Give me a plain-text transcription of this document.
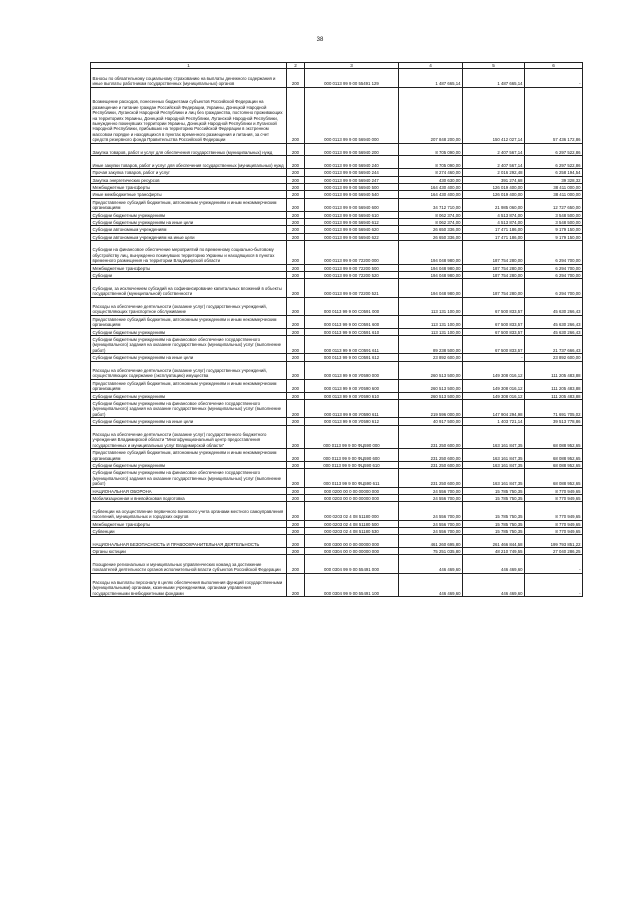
38
1	2	3	4	5	6
Взносы по обязательному социальному страхованию на выплаты денежного содержания и иные выплаты работникам государственных (муниципальных) органов	200	000 0113 99 9 00 55491 129	1 487 665,14	1 487 665,14	-
Возмещение расходов, понесенных бюджетами субъектов Российской Федерации на размещение и питание граждан Российской Федерации, Украины, Донецкой Народной Республики, Луганской Народной Республики и лиц без гражданства, постоянно проживающих на территориях Украины, Донецкой Народной Республики, Луганской Народной Республики, вынужденно покинувших территории Украины, Донецкой Народной Республики и Луганской Народной Республики, прибывших на территорию Российской Федерации в экстренном массовом порядке и находящихся в пунктах временного размещения и питания, за счет средств резервного фонда Правительства Российской Федерации	200	000 0113 99 9 00 56940 000	207 848 200,00	150 412 027,14	57 436 172,86
Закупка товаров, работ и услуг для обеспечения государственных (муниципальных) нужд	200	000 0113 99 9 00 56940 200	8 705 090,00	2 407 567,14	6 297 522,86
Иные закупки товаров, работ и услуг для обеспечения государственных (муниципальных) нужд	200	000 0113 99 9 00 56940 240	8 705 090,00	2 407 567,14	6 297 522,86
Прочая закупка товаров, работ и услуг	200	000 0113 99 9 00 56940 244	8 274 460,00	2 016 292,48	6 258 194,54
Закупка энергетических ресурсов	200	000 0113 99 9 00 56940 247	430 630,00	391 274,68	39 328,32
Межбюджетные трансферты	200	000 0113 99 9 00 56940 500	164 430 400,00	126 019 400,00	38 411 000,00
Иные межбюджетные трансферты	200	000 0113 99 9 00 56940 540	164 430 400,00	126 019 400,00	38 411 000,00
Предоставление субсидий бюджетным, автономным учреждениям и иным некоммерческим организациям	200	000 0113 99 9 00 56940 600	34 712 710,00	21 985 060,00	12 727 650,00
Субсидии бюджетным учреждениям	200	000 0113 99 9 00 56940 610	8 062 374,00	4 513 874,00	3 548 500,00
Субсидии бюджетным учреждениям на иные цели	200	000 0113 99 9 00 56940 612	8 062 374,00	4 513 874,00	3 548 500,00
Субсидии автономным учреждениям	200	000 0113 99 9 00 56940 620	26 650 336,00	17 471 186,00	9 179 150,00
Субсидии автономным учреждениям на иные цели	200	000 0113 99 9 00 56940 622	26 650 336,00	17 471 186,00	9 179 150,00
Субсидии на финансовое обеспечение мероприятий по временному социально-бытовому обустройству лиц, вынужденно покинувших территорию Украины и находящихся в пунктах временного размещения на территории Владимирской области	200	000 0113 99 9 00 72200 000	194 048 980,00	187 754 280,00	6 294 700,00
Межбюджетные трансферты	200	000 0113 99 9 00 72200 500	194 048 980,00	187 754 280,00	6 294 700,00
Субсидии	200	000 0113 99 9 00 72200 520	194 048 980,00	187 754 280,00	6 294 700,00
Субсидии, за исключением субсидий на софинансирование капитальных вложений в объекты государственной (муниципальной) собственности	200	000 0113 99 9 00 72200 521	194 048 980,00	187 754 280,00	6 294 700,00
Расходы на обеспечение деятельности (оказание услуг) государственных учреждений, осуществляющих транспортное обслуживание	200	000 0113 99 9 00 С0591 000	113 131 100,00	67 500 833,57	45 630 266,43
Предоставление субсидий бюджетным, автономным учреждениям и иным некоммерческим организациям	200	000 0113 99 9 00 С0591 600	113 131 100,00	67 500 833,57	45 630 266,43
Субсидии бюджетным учреждениям	200	000 0113 99 9 00 С0591 610	113 131 100,00	67 500 833,57	45 630 266,43
Субсидии бюджетным учреждениям на финансовое обеспечение государственного (муниципального) задания на оказание государственных (муниципальных) услуг (выполнение работ)	200	000 0113 99 9 00 С0591 611	89 238 500,00	67 500 833,57	21 737 666,43
Субсидии бюджетным учреждениям на иные цели	200	000 0113 99 9 00 С0591 612	23 892 600,00	-	23 892 600,00
Расходы на обеспечение деятельности (оказание услуг) государственных учреждений, осуществляющих содержание (эксплуатацию) имущества	200	000 0113 99 9 00 У0590 000	260 513 500,00	149 308 016,12	111 205 483,88
Предоставление субсидий бюджетным, автономным учреждениям и иным некоммерческим организациям	200	000 0113 99 9 00 У0590 600	260 513 500,00	149 308 016,12	111 205 483,88
Субсидии бюджетным учреждениям	200	000 0113 99 9 00 У0590 610	260 513 500,00	149 308 016,12	111 205 483,88
Субсидии бюджетным учреждениям на финансовое обеспечение государственного (муниципального) задания на оказание государственных (муниципальных) услуг (выполнение работ)	200	000 0113 99 9 00 У0590 611	219 596 000,00	147 904 294,98	71 691 705,02
Субсидии бюджетным учреждениям на иные цели	200	000 0113 99 9 00 У0590 612	40 917 500,00	1 403 721,14	39 513 778,86
Расходы на обеспечение деятельности (оказание услуг) государственного бюджетного учреждения Владимирской области "Многофункциональный центр предоставления государственных и муниципальных услуг Владимирской области"	200	000 0113 99 9 00 ФЦ590 000	231 250 600,00	163 161 847,35	68 088 952,65
Предоставление субсидий бюджетным, автономным учреждениям и иным некоммерческим организациям	200	000 0113 99 9 00 ФЦ590 600	231 250 600,00	163 161 847,35	68 088 952,65
Субсидии бюджетным учреждениям	200	000 0113 99 9 00 ФЦ590 610	231 250 600,00	163 161 847,35	68 088 952,65
Субсидии бюджетным учреждениям на финансовое обеспечение государственного (муниципального) задания на оказание государственных (муниципальных) услуг (выполнение работ)	200	000 0113 99 9 00 ФЦ590 611	231 250 600,00	163 161 847,35	68 088 952,65
НАЦИОНАЛЬНАЯ ОБОРОНА	200	000 0200 00 0 00 00000 000	24 556 700,00	15 785 750,35	8 770 949,65
Мобилизационная и вневойсковая подготовка	200	000 0203 00 0 00 00000 000	24 556 700,00	15 785 750,35	8 770 949,65
Субвенции на осуществление первичного воинского учета органами местного самоуправления поселений, муниципальных и городских округов	200	000 0203 02 4 08 51180 000	24 556 700,00	15 785 750,35	8 770 949,65
Межбюджетные трансферты	200	000 0203 02 4 08 51180 500	24 556 700,00	15 785 750,35	8 770 949,65
Субвенции	200	000 0203 02 4 08 51180 530	24 556 700,00	15 785 750,35	8 770 949,65
НАЦИОНАЛЬНАЯ БЕЗОПАСНОСТЬ И ПРАВООХРАНИТЕЛЬНАЯ ДЕЯТЕЛЬНОСТЬ	200	000 0300 00 0 00 00000 000	461 260 695,80	261 466 844,58	199 793 851,22
Органы юстиции	200	000 0304 00 0 00 00000 000	75 251 035,80	48 210 749,55	27 040 286,25
Поощрение региональных и муниципальных управленческих команд за достижение показателей деятельности органов исполнительной власти субъектов Российской Федерации	200	000 0304 99 9 00 55491 000	446 469,60	446 469,60	-
Расходы на выплаты персоналу в целях обеспечения выполнения функций государственными (муниципальными) органами, казенными учреждениями, органами управления государственными внебюджетными фондами	200	000 0304 99 9 00 55491 100	446 469,60	446 469,60	-
